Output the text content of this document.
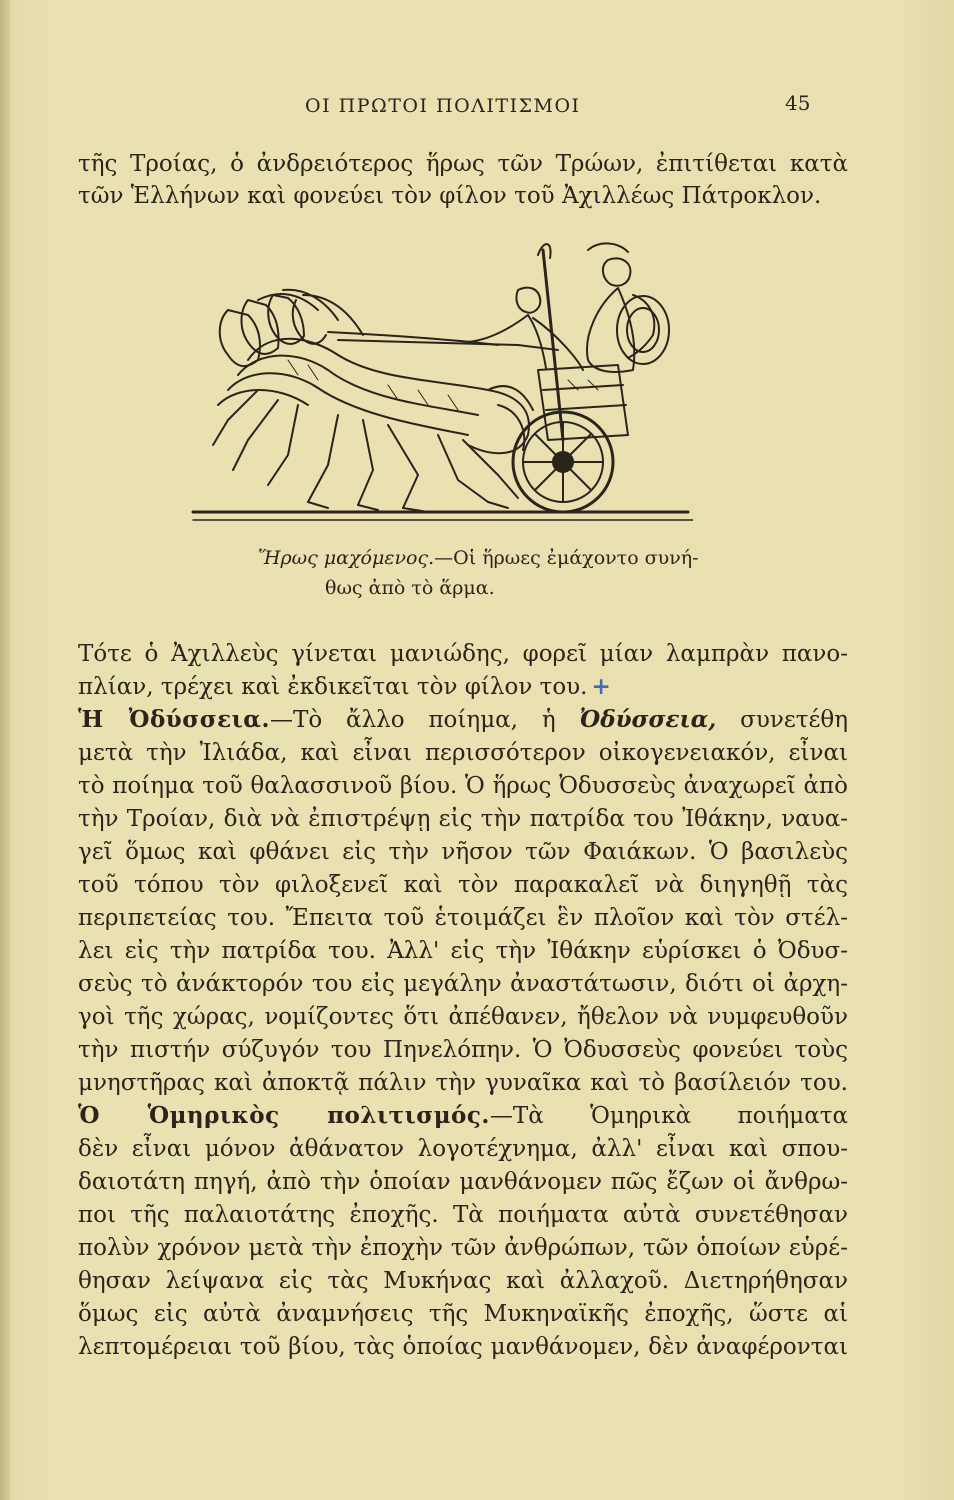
ΟΙ ΠΡΩΤΟΙ ΠΟΛΙΤΙΣΜΟΙ	45
τῆς Τροίας, ὁ ἀνδρειότερος ἥρως τῶν Τρώων, ἐπιτίθεται κατὰ
τῶν Ἑλλήνων καὶ φονεύει τὸν φίλον τοῦ Ἀχιλλέως Πάτροκλον.
Ἥρως μαχόμενος.—Οἱ ἥρωες ἐμάχοντο συνή-
θως ἀπὸ τὸ ἅρμα.
Τότε ὁ Ἀχιλλεὺς γίνεται μανιώδης, φορεῖ μίαν λαμπρὰν πανο-
πλίαν, τρέχει καὶ ἐκδικεῖται τὸν φίλον του. +
Ἡ Ὀδύσσεια.—Τὸ ἄλλο ποίημα, ἡ Ὀδύσσεια, συνετέθη
μετὰ τὴν Ἰλιάδα, καὶ εἶναι περισσότερον οἰκογενειακόν, εἶναι
τὸ ποίημα τοῦ θαλασσινοῦ βίου. Ὁ ἥρως Ὀδυσσεὺς ἀναχωρεῖ ἀπὸ
τὴν Τροίαν, διὰ νὰ ἐπιστρέψῃ εἰς τὴν πατρίδα του Ἰθάκην, ναυα-
γεῖ ὅμως καὶ φθάνει εἰς τὴν νῆσον τῶν Φαιάκων. Ὁ βασιλεὺς
τοῦ τόπου τὸν φιλοξενεῖ καὶ τὸν παρακαλεῖ νὰ διηγηθῇ τὰς
περιπετείας του. Ἔπειτα τοῦ ἑτοιμάζει ἓν πλοῖον καὶ τὸν στέλ-
λει εἰς τὴν πατρίδα του. Ἀλλ' εἰς τὴν Ἰθάκην εὑρίσκει ὁ Ὀδυσ-
σεὺς τὸ ἀνάκτορόν του εἰς μεγάλην ἀναστάτωσιν, διότι οἱ ἀρχη-
γοὶ τῆς χώρας, νομίζοντες ὅτι ἀπέθανεν, ἤθελον νὰ νυμφευθοῦν
τὴν πιστήν σύζυγόν του Πηνελόπην. Ὁ Ὀδυσσεὺς φονεύει τοὺς
μνηστῆρας καὶ ἀποκτᾷ πάλιν τὴν γυναῖκα καὶ τὸ βασίλειόν του.
Ὁ Ὁμηρικὸς πολιτισμός.—Τὰ Ὁμηρικὰ ποιήματα
δὲν εἶναι μόνον ἀθάνατον λογοτέχνημα, ἀλλ' εἶναι καὶ σπου-
δαιοτάτη πηγή, ἀπὸ τὴν ὁποίαν μανθάνομεν πῶς ἔζων οἱ ἄνθρω-
ποι τῆς παλαιοτάτης ἐποχῆς. Τὰ ποιήματα αὐτὰ συνετέθησαν
πολὺν χρόνον μετὰ τὴν ἐποχὴν τῶν ἀνθρώπων, τῶν ὁποίων εὑρέ-
θησαν λείψανα εἰς τὰς Μυκήνας καὶ ἀλλαχοῦ. Διετηρήθησαν
ὅμως εἰς αὐτὰ ἀναμνήσεις τῆς Μυκηναϊκῆς ἐποχῆς, ὥστε αἱ
λεπτομέρειαι τοῦ βίου, τὰς ὁποίας μανθάνομεν, δὲν ἀναφέρονται
